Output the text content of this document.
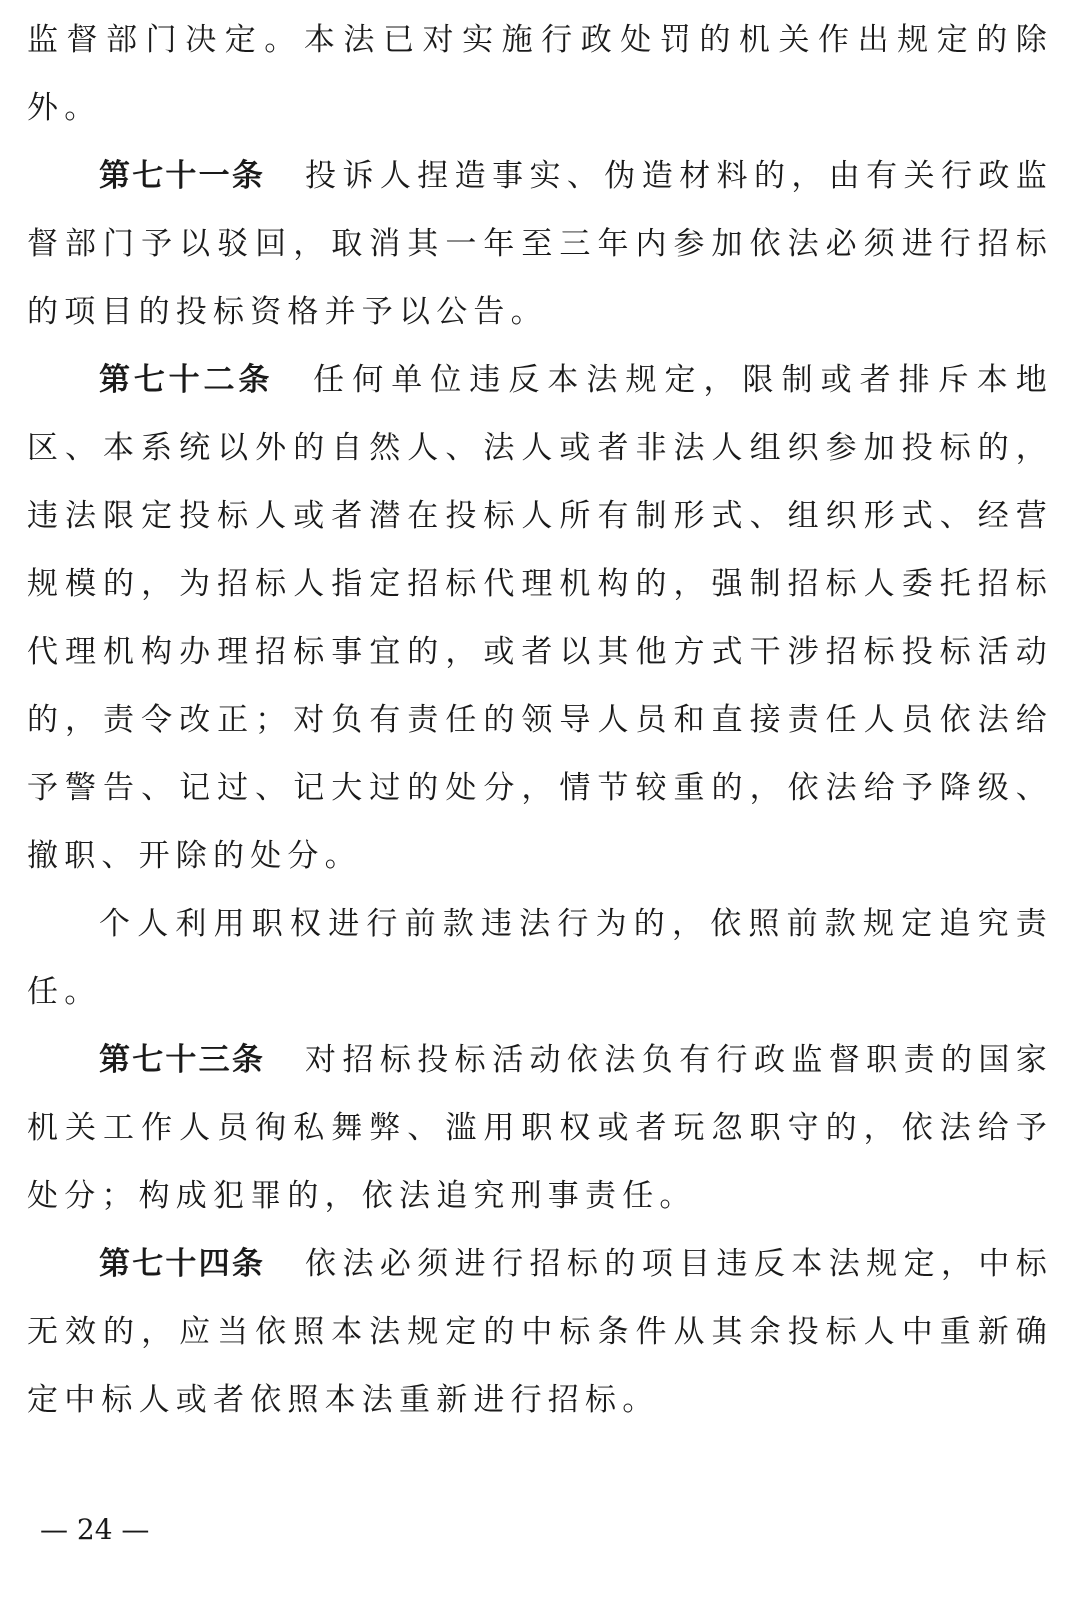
监督部门决定。本法已对实施行政处罚的机关作出规定的除外。

第七十一条 投诉人捏造事实、伪造材料的，由有关行政监督部门予以驳回，取消其一年至三年内参加依法必须进行招标的项目的投标资格并予以公告。

第七十二条 任何单位违反本法规定，限制或者排斥本地区、本系统以外的自然人、法人或者非法人组织参加投标的，违法限定投标人或者潜在投标人所有制形式、组织形式、经营规模的，为招标人指定招标代理机构的，强制招标人委托招标代理机构办理招标事宜的，或者以其他方式干涉招标投标活动的，责令改正；对负有责任的领导人员和直接责任人员依法给予警告、记过、记大过的处分，情节较重的，依法给予降级、撤职、开除的处分。

个人利用职权进行前款违法行为的，依照前款规定追究责任。

第七十三条 对招标投标活动依法负有行政监督职责的国家机关工作人员徇私舞弊、滥用职权或者玩忽职守的，依法给予处分；构成犯罪的，依法追究刑事责任。

第七十四条 依法必须进行招标的项目违反本法规定，中标无效的，应当依照本法规定的中标条件从其余投标人中重新确定中标人或者依照本法重新进行招标。

— 24 —
